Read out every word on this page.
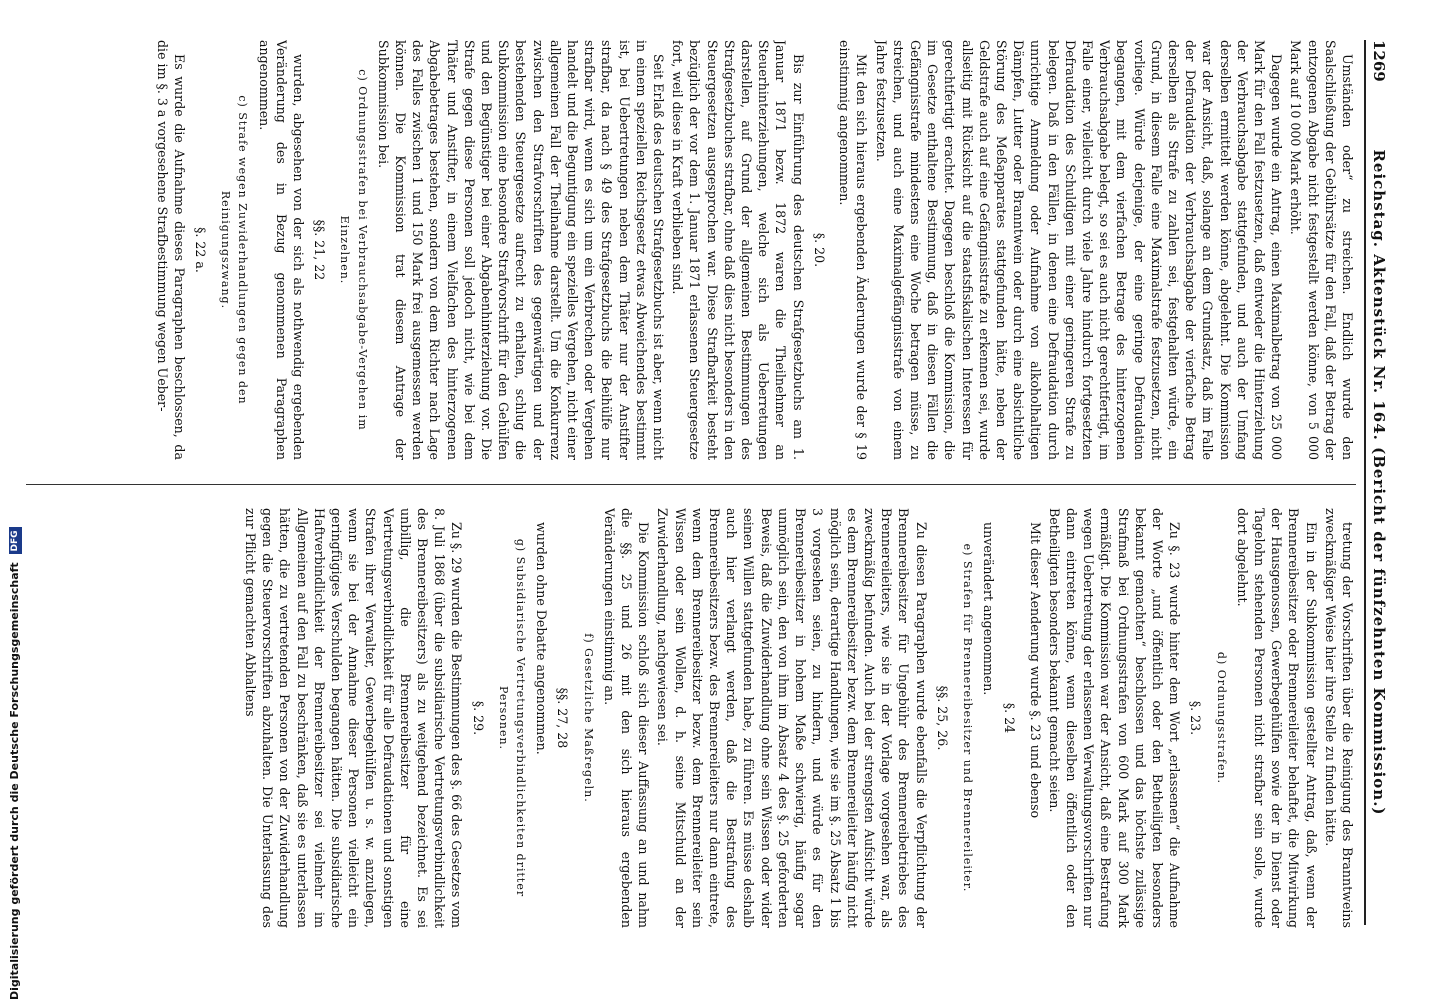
1269
Reichstag. Aktenstück Nr. 164. (Bericht der fünfzehnten Kommission.)

Umständen oder“ zu streichen. Endlich wurde den Saalschließung der Gebührsätze für den Fall, daß der Betrag der entzogenen Abgabe nicht festgestellt werden könne, von 5 000 Mark auf 10 000 Mark erhöht.

Dagegen wurde ein Antrag, einen Maximalbetrag von 25 000 Mark für den Fall festzusetzen, daß entweder die Hinterziehung der Verbrauchsabgabe stattgefunden, und auch der Umfang derselben ermittelt werden könne, abgelehnt. Die Kommission war der Ansicht, daß, solange an dem Grundsatz, daß im Falle der Defraudation der Verbrauchsabgabe der vierfache Betrag derselben als Strafe zu zahlen sei, festgehalten würde, ein Grund, in diesem Falle eine Maximalstrafe festzusetzen, nicht vorliege. Würde derjenige, der eine geringe Defraudation begangen, mit dem vierfachen Betrage des hinterzogenen Verbrauchsabgabe belegt, so sei es auch nicht gerechtfertigt, im Falle einer, vielleicht durch viele Jahre hindurch fortgesetzten Defraudation des Schuldigen mit einer geringeren Strafe zu belegen. Daß in den Fällen, in denen eine Defraudation durch unrichtige Anmeldung oder Aufnahme von alkoholhaltigen Dämpfen, Lutter oder Branntwein oder durch eine absichtliche Störung des Meßapparates stattgefunden hätte, neben der Geldstrafe auch auf eine Gefängnisstrafe zu erkennen sei, wurde allseitig mit Rücksicht auf die staatsfiskalischen Interessen für gerechtfertigt erachtet. Dagegen beschloß die Kommission, die im Gesetze enthaltene Bestimmung, daß in diesen Fällen die Gefängnisstrafe mindestens eine Woche betragen müsse, zu streichen, und auch eine Maximalgefängnisstrafe von einem Jahre festzusetzen.

Mit den sich hieraus ergebenden Änderungen wurde der § 19 einstimmig angenommen.

§. 20.

Bis zur Einführung des deutschen Strafgesetzbuchs am 1. Januar 1871 bezw. 1872 waren die Theilnehmer an Steuerhinterziehungen, welche sich als Ueberretungen darstellen, auf Grund der allgemeinen Bestimmungen des Strafgesetzbuches strafbar, ohne daß dies nicht besonders in den Steuergesetzen ausgesprochen war. Diese Strafbarkeit besteht bezüglich der vor dem 1. Januar 1871 erlassenen Steuergesetze fort, weil diese in Kraft verblieben sind.

Seit Erlaß des deutschen Strafgesetzbuchs ist aber, wenn nicht in einem speziellen Reichsgesetz etwas Abweichendes bestimmt ist, bei Uebertretungen neben dem Thäter nur der Anstifter strafbar, da nach § 49 des Strafgesetzbuchs die Beihülfe nur strafbar wird, wenn es sich um ein Verbrechen oder Vergehen handelt und die Beguntigung ein spezielles Vergehen, nicht einer allgemeinen Fall der Theilnahme darstellt. Um die Konkurrenz zwischen den Strafvorschriften des gegenwärtigen und der bestehenden Steuergesetze aufrecht zu erhalten, schlug die Subkommission eine besondere Strafvorschrift für den Gehülfen und den Begünstiger bei einer Abgabenhinterziehung vor. Die Strafe gegen diese Personen soll jedoch nicht, wie bei dem Thäter und Anstifter, in einem Vielfachen des hinterzogenen Abgabebetrages bestehen, sondern von dem Richter nach Lage des Falles zwischen 1 und 150 Mark frei ausgemessen werden können. Die Kommission trat diesem Antrage der Subkommission bei.

c) Ordnungsstrafen bei Verbrauchsabgabe-Vergehen im Einzelnen.

§§. 21, 22

wurden, abgesehen von der sich als nothwendig ergebenden Veränderung des in Bezug genommenen Paragraphen angenommen.

c) Strafe wegen Zuwiderhandlungen gegen den Reinigungszwang.

§. 22 a.

Es wurde die Aufnahme dieses Paragraphen beschlossen, da die im §. 3 a vorgesehene Strafbestimmung wegen Ueber-

tretung der Vorschriften über die Reinigung des Branntweins zweckmäßiger Weise hier ihre Stelle zu finden hätte.

Ein in der Subkommission gestellter Antrag, daß, wenn der Brennereibesitzer oder Brennereileiter behaftet, die Mitwirkung der Hausgenossen, Gewerbegehülfen sowie der in Dienst oder Tagelohn stehenden Personen nicht strafbar sein solle, wurde dort abgelehnt.

d) Ordnungsstrafen.

§. 23.

Zu §. 23 wurde hinter dem Wort „erlassenen“ die Aufnahme der Worte „und öffentlich oder den Betheiligten besonders bekannt gemachten“ beschlossen und das höchste zulässige Strafmaß bei Ordnungsstrafen von 600 Mark auf 300 Mark ermäßigt. Die Kommission war der Ansicht, daß eine Bestrafung wegen Uebertretung der erlassenen Verwaltungsvorschriften nur dann eintreten könne, wenn dieselben öffentlich oder den Betheiligten besonders bekannt gemacht seien.

Mit dieser Aenderung wurde §. 23 und ebenso

§. 24

unverändert angenommen.

e) Strafen für Brennereibesitzer und Brennereileiter.

§§. 25, 26.

Zu diesen Paragraphen wurde ebenfalls die Verpflichtung der Brennereibesitzer für Ungebühr des Brennereibetriebes des Brennereileiters, wie sie in der Vorlage vorgesehen war, als zweckmäßig befunden. Auch bei der strengsten Aufsicht würde es dem Brennereibesitzer bezw. dem Brennereileiter häufig nicht möglich sein, derartige Handlungen, wie sie im §. 25 Absatz 1 bis 3 vorgesehen seien, zu hindern, und würde es für den Brennereibesitzer in hohem Maße schwierig, häufig sogar unmöglich sein, den von ihm im Absatz 4 des §. 25 geforderten Beweis, daß die Zuwiderhandlung ohne sein Wissen oder wider seinen Willen stattgefunden habe, zu führen. Es müsse deshalb auch hier verlangt werden, daß die Bestrafung des Brennereibesitzers bezw. des Brennereileiters nur dann eintrete, wenn dem Brennereibesitzer bezw. dem Brennereileiter sein Wissen oder sein Wollen, d. h. seine Mitschuld an der Zuwiderhandlung, nachgewiesen sei.

Die Kommission schloß sich dieser Auffassung an und nahm die §§. 25 und 26 mit den sich hieraus ergebenden Veränderungen einstimmig an.

f) Gesetzliche Maßregeln.

§§. 27, 28

wurden ohne Debatte angenommen.

g) Subsidiarische Vertretungsverbindlichkeiten dritter Personen.

§. 29.

Zu §. 29 wurden die Bestimmungen des §. 66 des Gesetzes vom 8. Juli 1868 (über die subsidiarische Vertretungsverbindlichkeit des Brennereibesitzers) als zu weitgehend bezeichnet. Es sei unbillig, die Brennereibesitzer für eine Vertretungsverbindlichkeit für alle Defraudationen und sonstigen Strafen ihrer Verwalter, Gewerbegehülfen u. s. w. anzulegen, wenn sie bei der Annahme dieser Personen vielleicht ein geringfügiges Verschulden begangen hätten. Die subsidiarische Haftverbindlichkeit der Brennereibesitzer sei vielmehr im Allgemeinen auf den Fall zu beschränken, daß sie es unterlassen hätten, die zu vertretenden Personen von der Zuwiderhandlung gegen die Steuervorschriften abzuhalten. Die Unterlassung des zur Pflicht gemachten Abhaltens

Digitalisierung gefördert durch die Deutsche Forschungsgemeinschaft DFG
